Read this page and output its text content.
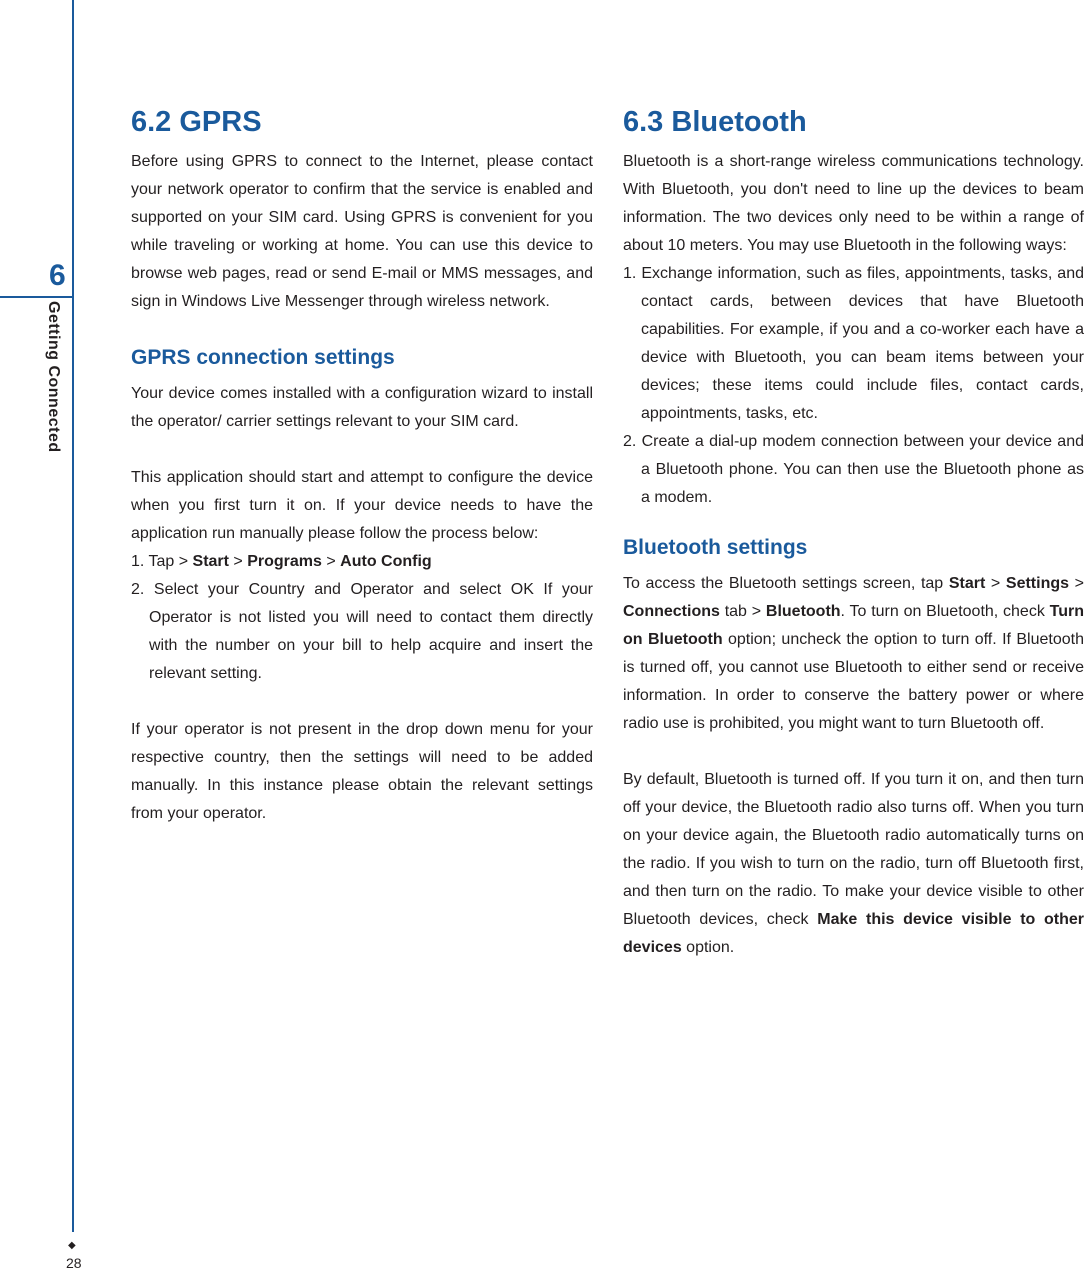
6
Getting Connected
◆
28
6.2 GPRS

Before using GPRS to connect to the Internet, please contact your network operator to confirm that the service is enabled and supported on your SIM card. Using GPRS is convenient for you while traveling or working at home. You can use this device to browse web pages, read or send E-mail or MMS messages, and sign in Windows Live Messenger through wireless network.

GPRS connection settings

Your device comes installed with a configuration wizard to install the operator/ carrier settings relevant to your SIM card.

This application should start and attempt to configure the device when you first turn it on. If your device needs to have the application run manually please follow the process below:

1. Tap > Start > Programs > Auto Config
2. Select your Country and Operator and select OK If your Operator is not listed you will need to contact them directly with the number on your bill to help acquire and insert the relevant setting.

If your operator is not present in the drop down menu for your respective country, then the settings will need to be added manually. In this instance please obtain the relevant settings from your operator.

6.3 Bluetooth

Bluetooth is a short-range wireless communications technology. With Bluetooth, you don't need to line up the devices to beam information. The two devices only need to be within a range of about 10 meters. You may use Bluetooth in the following ways:

1. Exchange information, such as files, appointments, tasks, and contact cards, between devices that have Bluetooth capabilities. For example, if you and a co-worker each have a device with Bluetooth, you can beam items between your devices; these items could include files, contact cards, appointments, tasks, etc.
2. Create a dial-up modem connection between your device and a Bluetooth phone. You can then use the Bluetooth phone as a modem.
Bluetooth settings

To access the Bluetooth settings screen, tap Start > Settings > Connections tab > Bluetooth. To turn on Bluetooth, check Turn on Bluetooth option; uncheck the option to turn off. If Bluetooth is turned off, you cannot use Bluetooth to either send or receive information. In order to conserve the battery power or where radio use is prohibited, you might want to turn Bluetooth off.

By default, Bluetooth is turned off. If you turn it on, and then turn off your device, the Bluetooth radio also turns off. When you turn on your device again, the Bluetooth radio automatically turns on the radio. If you wish to turn on the radio, turn off Bluetooth first, and then turn on the radio. To make your device visible to other Bluetooth devices, check Make this device visible to other devices option.
